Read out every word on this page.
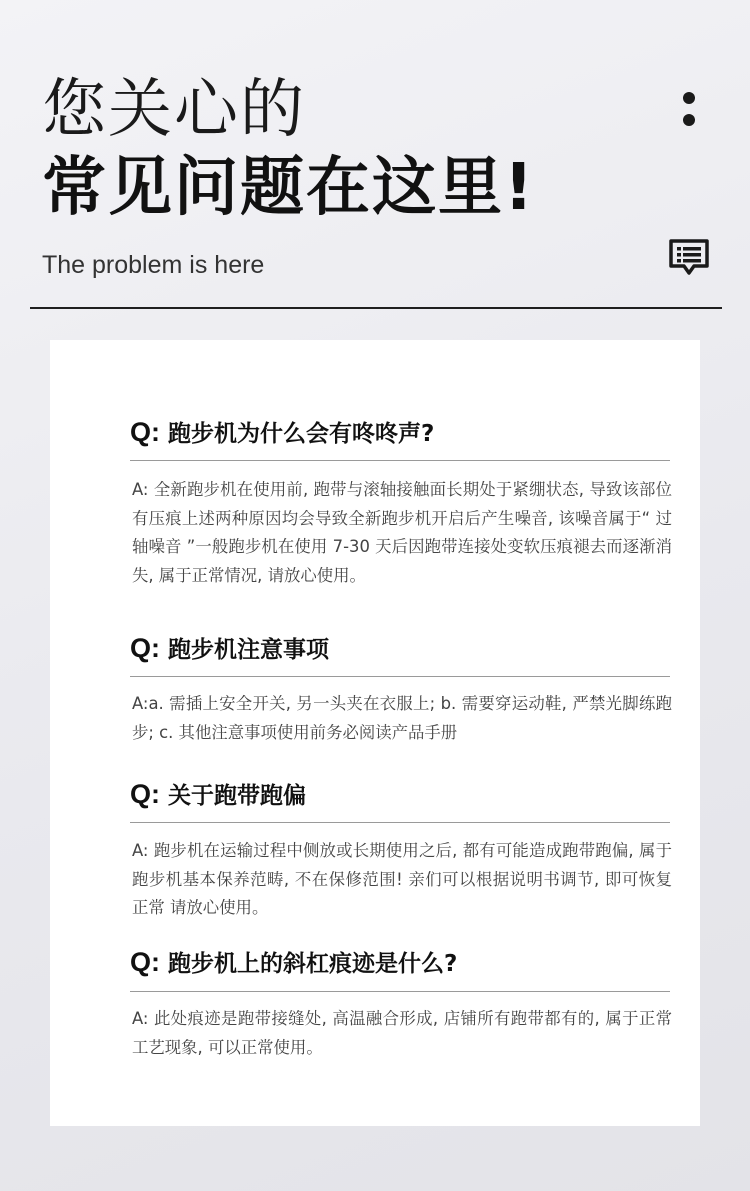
您关心的
常见问题在这里!
The problem is here
Q: 跑步机为什么会有咚咚声?
A: 全新跑步机在使用前, 跑带与滚轴接触面长期处于紧绷状态, 导致该部位有压痕上述两种原因均会导致全新跑步机开启后产生噪音, 该噪音属于“ 过轴噪音 ”一般跑步机在使用 7-30 天后因跑带连接处变软压痕褪去而逐渐消失, 属于正常情况, 请放心使用。
Q: 跑步机注意事项
A:a. 需插上安全开关, 另一头夹在衣服上; b. 需要穿运动鞋, 严禁光脚练跑步; c. 其他注意事项使用前务必阅读产品手册
Q: 关于跑带跑偏
A: 跑步机在运输过程中侧放或长期使用之后, 都有可能造成跑带跑偏, 属于跑步机基本保养范畴, 不在保修范围! 亲们可以根据说明书调节, 即可恢复正常 请放心使用。
Q: 跑步机上的斜杠痕迹是什么?
A: 此处痕迹是跑带接缝处, 高温融合形成, 店铺所有跑带都有的, 属于正常工艺现象, 可以正常使用。
